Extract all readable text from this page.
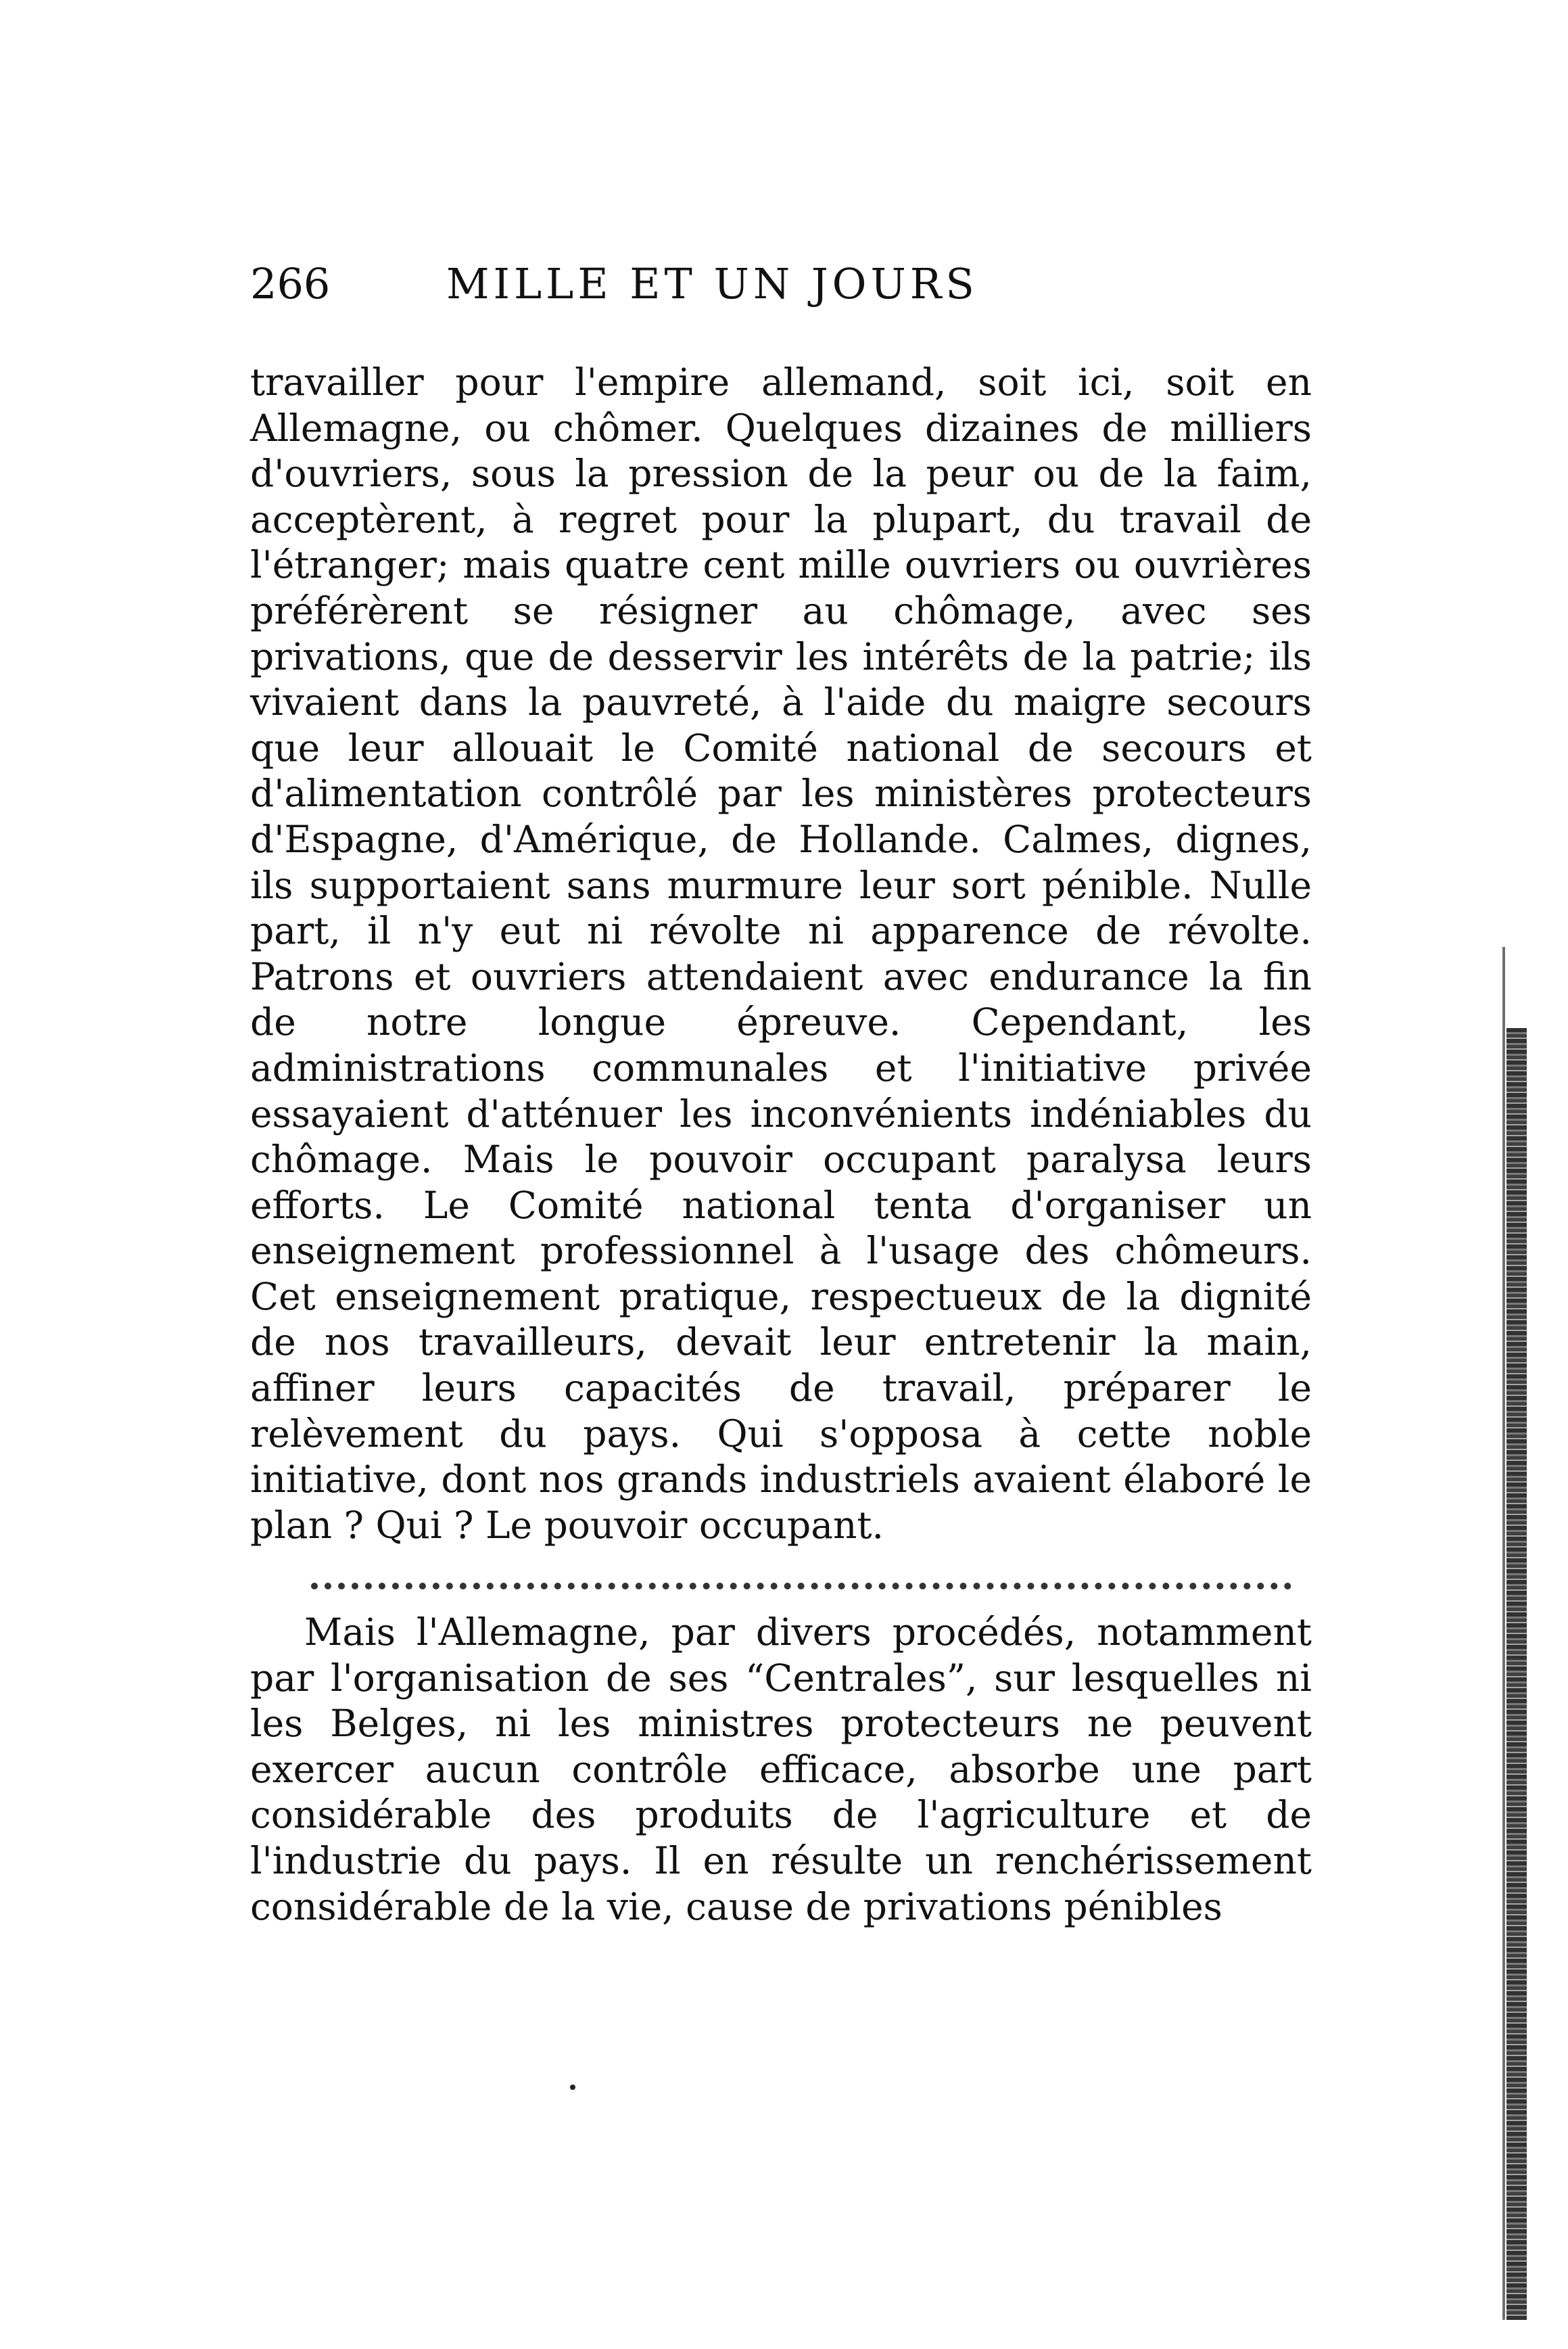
266	MILLE ET UN JOURS

travailler pour l'empire allemand, soit ici, soit en Allemagne, ou chômer. Quelques dizaines de milliers d'ouvriers, sous la pression de la peur ou de la faim, acceptèrent, à regret pour la plupart, du travail de l'étranger; mais quatre cent mille ouvriers ou ouvrières préférèrent se résigner au chômage, avec ses privations, que de desservir les intérêts de la patrie; ils vivaient dans la pauvreté, à l'aide du maigre secours que leur allouait le Comité national de secours et d'alimentation contrôlé par les ministères protecteurs d'Espagne, d'Amérique, de Hollande. Calmes, dignes, ils supportaient sans murmure leur sort pénible. Nulle part, il n'y eut ni révolte ni apparence de révolte. Patrons et ouvriers attendaient avec endurance la fin de notre longue épreuve. Cependant, les administrations communales et l'initiative privée essayaient d'atténuer les inconvénients indéniables du chômage. Mais le pouvoir occupant paralysa leurs efforts. Le Comité national tenta d'organiser un enseignement professionnel à l'usage des chômeurs. Cet enseignement pratique, respectueux de la dignité de nos travailleurs, devait leur entretenir la main, affiner leurs capacités de travail, préparer le relèvement du pays. Qui s'opposa à cette noble initiative, dont nos grands industriels avaient élaboré le plan ? Qui ? Le pouvoir occupant.

Mais l'Allemagne, par divers procédés, notamment par l'organisation de ses “Centrales”, sur lesquelles ni les Belges, ni les ministres protecteurs ne peuvent exercer aucun contrôle efficace, absorbe une part considérable des produits de l'agriculture et de l'industrie du pays. Il en résulte un renchérissement considérable de la vie, cause de privations pénibles
